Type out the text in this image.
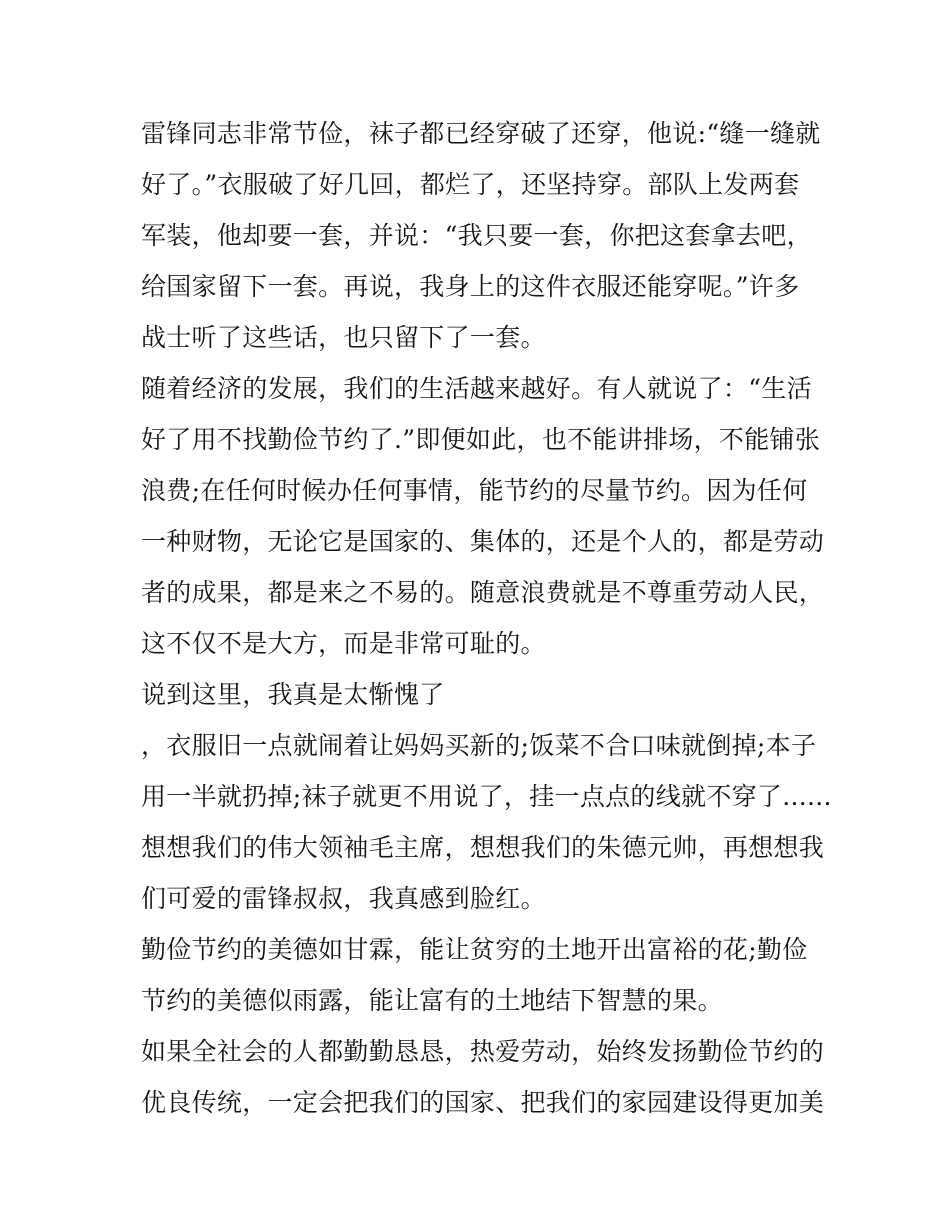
雷锋同志非常节俭，袜子都已经穿破了还穿，他说:“缝一缝就
好了。”衣服破了好几回，都烂了，还坚持穿。部队上发两套
军装，他却要一套，并说：“我只要一套，你把这套拿去吧，
给国家留下一套。再说，我身上的这件衣服还能穿呢。”许多
战士听了这些话，也只留下了一套。
随着经济的发展，我们的生活越来越好。有人就说了：“生活
好了用不找勤俭节约了.”即便如此，也不能讲排场，不能铺张
浪费;在任何时候办任何事情，能节约的尽量节约。因为任何
一种财物，无论它是国家的、集体的，还是个人的，都是劳动
者的成果，都是来之不易的。随意浪费就是不尊重劳动人民，
这不仅不是大方，而是非常可耻的。
说到这里，我真是太惭愧了
，衣服旧一点就闹着让妈妈买新的;饭菜不合口味就倒掉;本子
用一半就扔掉;袜子就更不用说了，挂一点点的线就不穿了......
想想我们的伟大领袖毛主席，想想我们的朱德元帅，再想想我
们可爱的雷锋叔叔，我真感到脸红。
勤俭节约的美德如甘霖，能让贫穷的土地开出富裕的花;勤俭
节约的美德似雨露，能让富有的土地结下智慧的果。
如果全社会的人都勤勤恳恳，热爱劳动，始终发扬勤俭节约的
优良传统，一定会把我们的国家、把我们的家园建设得更加美
